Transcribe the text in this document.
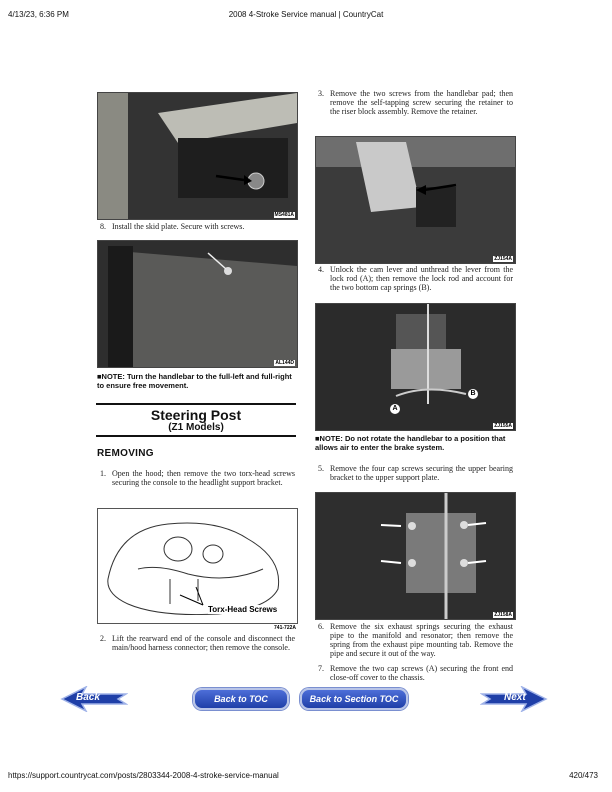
4/13/23, 6:36 PM	2008 4-Stroke Service manual | CountryCat
https://support.countrycat.com/posts/2803344-2008-4-stroke-service-manual	420/473
MS481A
8. Install the skid plate. Secure with screws.
AL144D
■NOTE: Turn the handlebar to the full-left and full-right to ensure free movement.
Steering Post
(Z1 Models)
REMOVING
1. Open the hood; then remove the two torx-head screws securing the console to the headlight support bracket.
Torx-Head Screws
741-722A
2. Lift the rearward end of the console and disconnect the main/hood harness connector; then remove the console.
3. Remove the two screws from the handlebar pad; then remove the self-tapping screw securing the retainer to the riser block assembly. Remove the retainer.
ZJ154A
4. Unlock the cam lever and unthread the lever from the lock rod (A); then remove the lock rod and account for the two bottom cap springs (B).
A
B
ZJ155A
■NOTE: Do not rotate the handlebar to a position that allows air to enter the brake system.
5. Remove the four cap screws securing the upper bearing bracket to the upper support plate.
ZJ158A
6. Remove the six exhaust springs securing the exhaust pipe to the manifold and resonator; then remove the spring from the exhaust pipe mounting tab. Remove the pipe and secure it out of the way.
7. Remove the two cap screws (A) securing the front end close-off cover to the chassis.
Back	Back to TOC	Back to Section TOC	Next
